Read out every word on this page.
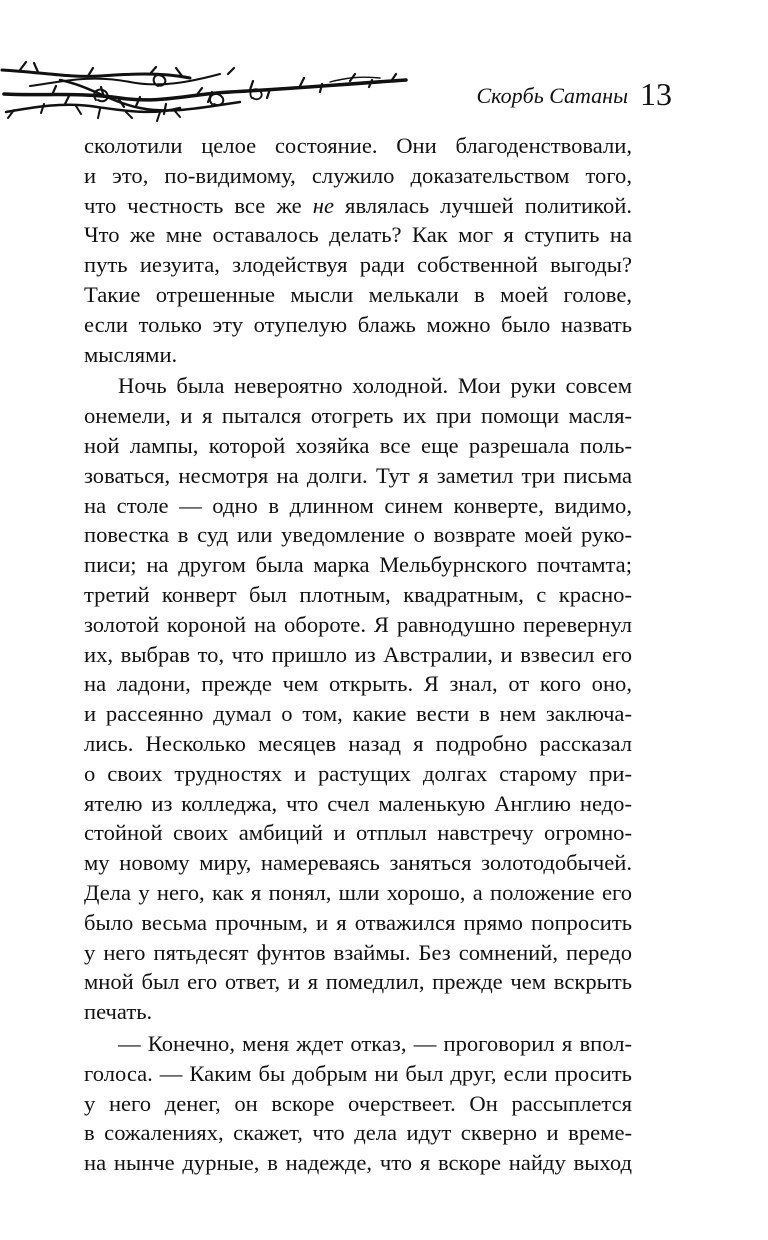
Скорбь Сатаны 13
сколотили целое состояние. Они благоденствовали,
и это, по-видимому, служило доказательством того,
что честность все же не являлась лучшей политикой.
Что же мне оставалось делать? Как мог я ступить на
путь иезуита, злодействуя ради собственной выгоды?
Такие отрешенные мысли мелькали в моей голове,
если только эту отупелую блажь можно было назвать
мыслями.
Ночь была невероятно холодной. Мои руки совсем
онемели, и я пытался отогреть их при помощи масля-
ной лампы, которой хозяйка все еще разрешала поль-
зоваться, несмотря на долги. Тут я заметил три письма
на столе — одно в длинном синем конверте, видимо,
повестка в суд или уведомление о возврате моей руко-
писи; на другом была марка Мельбурнского почтамта;
третий конверт был плотным, квадратным, с красно-
золотой короной на обороте. Я равнодушно перевернул
их, выбрав то, что пришло из Австралии, и взвесил его
на ладони, прежде чем открыть. Я знал, от кого оно,
и рассеянно думал о том, какие вести в нем заключа-
лись. Несколько месяцев назад я подробно рассказал
о своих трудностях и растущих долгах старому при-
ятелю из колледжа, что счел маленькую Англию недо-
стойной своих амбиций и отплыл навстречу огромно-
му новому миру, намереваясь заняться золотодобычей.
Дела у него, как я понял, шли хорошо, а положение его
было весьма прочным, и я отважился прямо попросить
у него пятьдесят фунтов взаймы. Без сомнений, передо
мной был его ответ, и я помедлил, прежде чем вскрыть
печать.
— Конечно, меня ждет отказ, — проговорил я впол-
голоса. — Каким бы добрым ни был друг, если просить
у него денег, он вскоре очерствеет. Он рассыплется
в сожалениях, скажет, что дела идут скверно и време-
на нынче дурные, в надежде, что я вскоре найду выход
